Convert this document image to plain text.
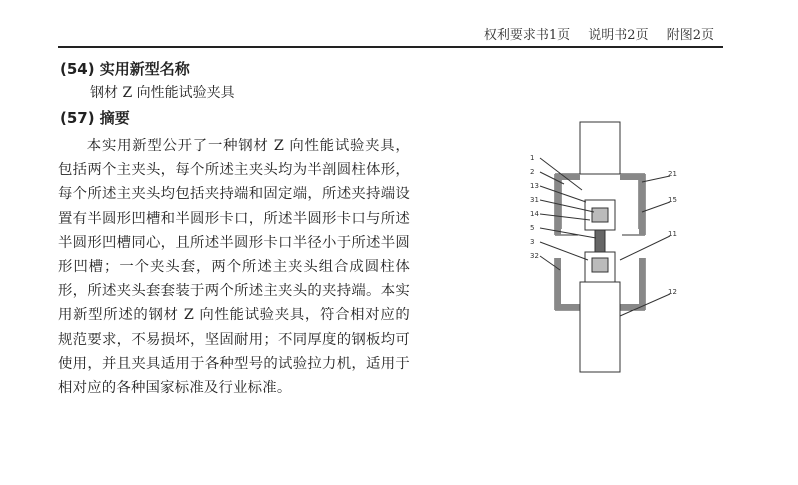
权利要求书1页 说明书2页 附图2页
(54) 实用新型名称
钢材 Z 向性能试验夹具
(57) 摘要
本实用新型公开了一种钢材 Z 向性能试验夹具，包括两个主夹头，每个所述主夹头均为半剖圆柱体形，每个所述主夹头均包括夹持端和固定端，所述夹持端设置有半圆形凹槽和半圆形卡口，所述半圆形卡口与所述半圆形凹槽同心，且所述半圆形卡口半径小于所述半圆形凹槽；一个夹头套，两个所述主夹头组合成圆柱体形，所述夹头套套装于两个所述主夹头的夹持端。本实用新型所述的钢材 Z 向性能试验夹具，符合相对应的规范要求，不易损坏，坚固耐用；不同厚度的钢板均可使用，并且夹具适用于各种型号的试验拉力机，适用于相对应的各种国家标准及行业标准。
1
2
13
31
14
5
3
32
21
15
11
12
